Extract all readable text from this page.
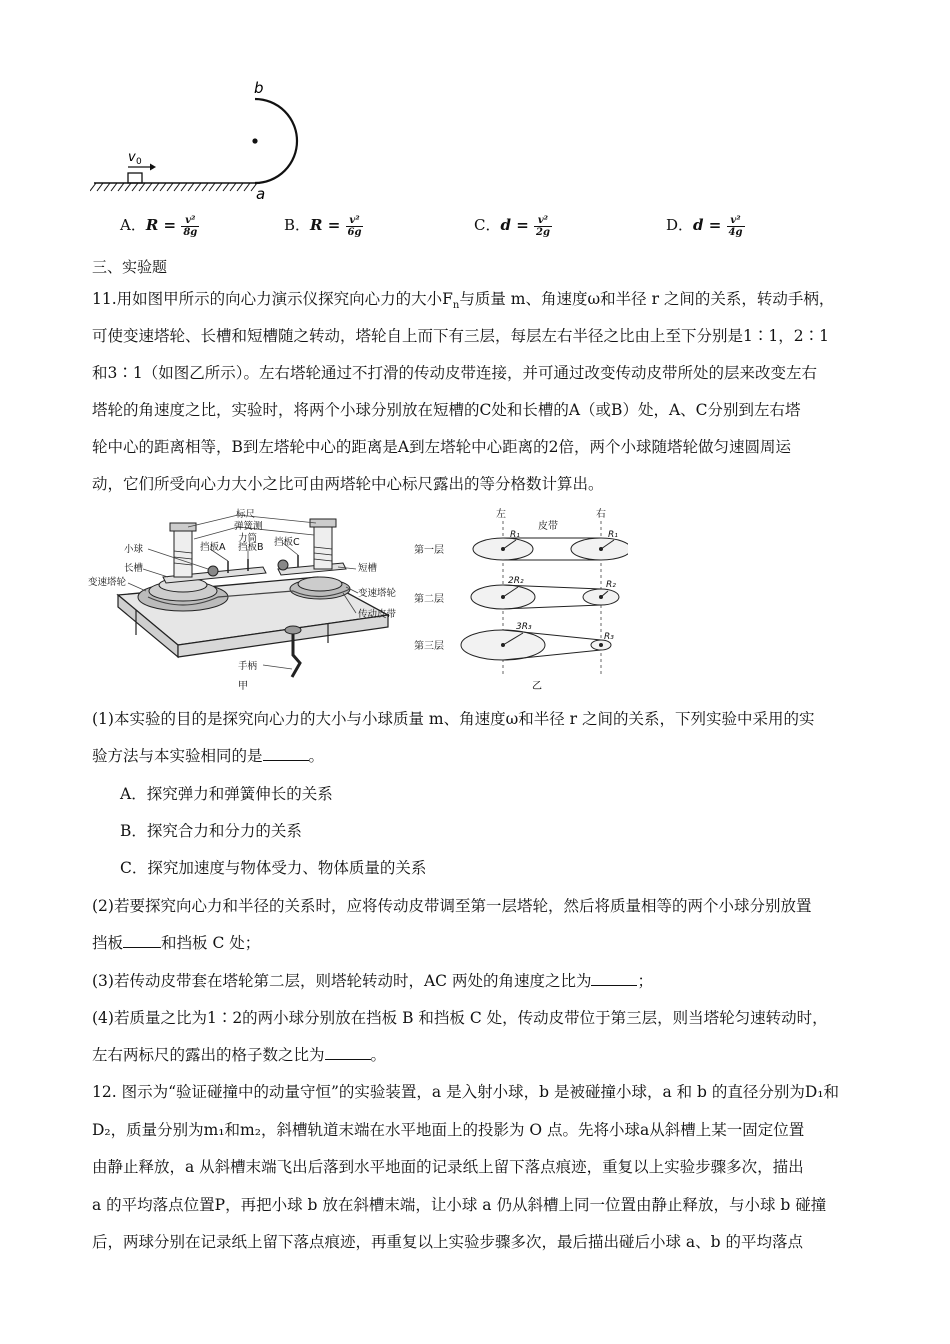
v 0
b
a
A．$R = \frac{\text{v²}}{8g}$	B．$R = \frac{\text{v²}}{6g}$	C．$d = \frac{\text{v²}}{2g}$	D．$d = \frac{\text{v²}}{4g}$
三、实验题
11.用如图甲所示的向心力演示仪探究向心力的大小$F_n$与质量 m、角速度ω和半径 r 之间的关系，转动手柄，
可使变速塔轮、长槽和短槽随之转动，塔轮自上而下有三层，每层左右半径之比由上至下分别是1∶1，2∶1
和3∶1（如图乙所示）。左右塔轮通过不打滑的传动皮带连接，并可通过改变传动皮带所处的层来改变左右
塔轮的角速度之比，实验时，将两个小球分别放在短槽的C处和长槽的A（或B）处，A、C分别到左右塔
轮中心的距离相等，B到左塔轮中心的距离是A到左塔轮中心距离的2倍，两个小球随塔轮做匀速圆周运
动，它们所受向心力大小之比可由两塔轮中心标尺露出的等分格数计算出。
标尺
弹簧测
力筒
挡板A 挡板B 挡板C
小球
长槽
变速塔轮
短槽
变速塔轮
传动皮带
手柄
甲
左	右
皮带
第一层
第二层
第三层
R₁	R₁
2R₂	R₂
3R₃
R₃
乙
(1)本实验的目的是探究向心力的大小与小球质量 m、角速度ω和半径 r 之间的关系，下列实验中采用的实
验方法与本实验相同的是	。
A．探究弹力和弹簧伸长的关系
B．探究合力和分力的关系
C．探究加速度与物体受力、物体质量的关系
(2)若要探究向心力和半径的关系时，应将传动皮带调至第一层塔轮，然后将质量相等的两个小球分别放置
挡板 和挡板 C 处；
(3)若传动皮带套在塔轮第二层，则塔轮转动时，AC 两处的角速度之比为	；
(4)若质量之比为1∶2的两小球分别放在挡板 B 和挡板 C 处，传动皮带位于第三层，则当塔轮匀速转动时，
左右两标尺的露出的格子数之比为	。
12. 图示为“验证碰撞中的动量守恒”的实验装置，a 是入射小球，b 是被碰撞小球，a 和 b 的直径分别为D₁和
D₂，质量分别为m₁和m₂，斜槽轨道末端在水平地面上的投影为 O 点。先将小球a从斜槽上某一固定位置
由静止释放，a 从斜槽末端飞出后落到水平地面的记录纸上留下落点痕迹，重复以上实验步骤多次，描出
a 的平均落点位置P，再把小球 b 放在斜槽末端，让小球 a 仍从斜槽上同一位置由静止释放，与小球 b 碰撞
后，两球分别在记录纸上留下落点痕迹，再重复以上实验步骤多次，最后描出碰后小球 a、b 的平均落点
